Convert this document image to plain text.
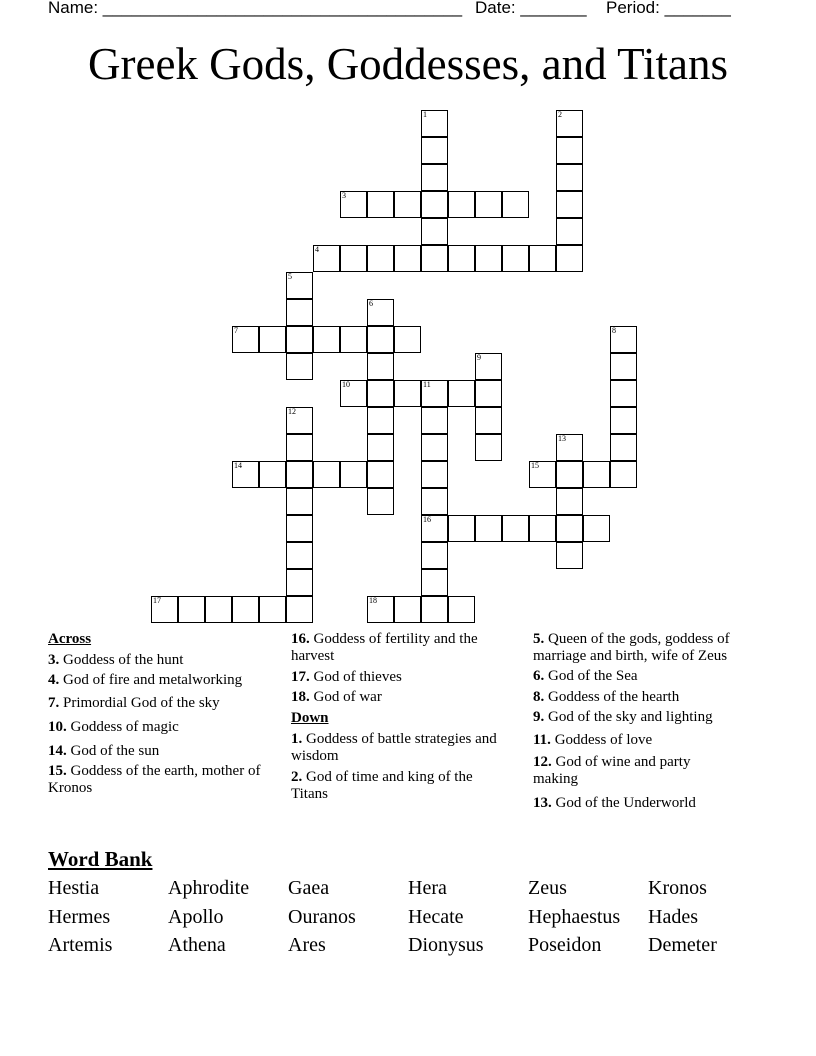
Name: ______________________________________ Date: _______ Period: _______
Greek Gods, Goddesses, and Titans
1	2
3
4
5
6
7	8
9
10	11
16
12
13
14	15
17	18
Across
3. Goddess of the hunt
4. God of fire and metalworking
7. Primordial God of the sky
10. Goddess of magic
14. God of the sun
15. Goddess of the earth, mother of Kronos
16. Goddess of fertility and the harvest
17. God of thieves
18. God of war
Down
1. Goddess of battle strategies and wisdom
2. God of time and king of the Titans
5. Queen of the gods, goddess of marriage and birth, wife of Zeus
6. God of the Sea
8. Goddess of the hearth
9. God of the sky and lighting
11. Goddess of love
12. God of wine and party making
13. God of the Underworld
Word Bank
Hestia	Aphrodite	Gaea	Hera	Zeus	Kronos
Hermes	Apollo	Ouranos	Hecate	Hephaestus	Hades
Artemis	Athena	Ares	Dionysus	Poseidon	Demeter
